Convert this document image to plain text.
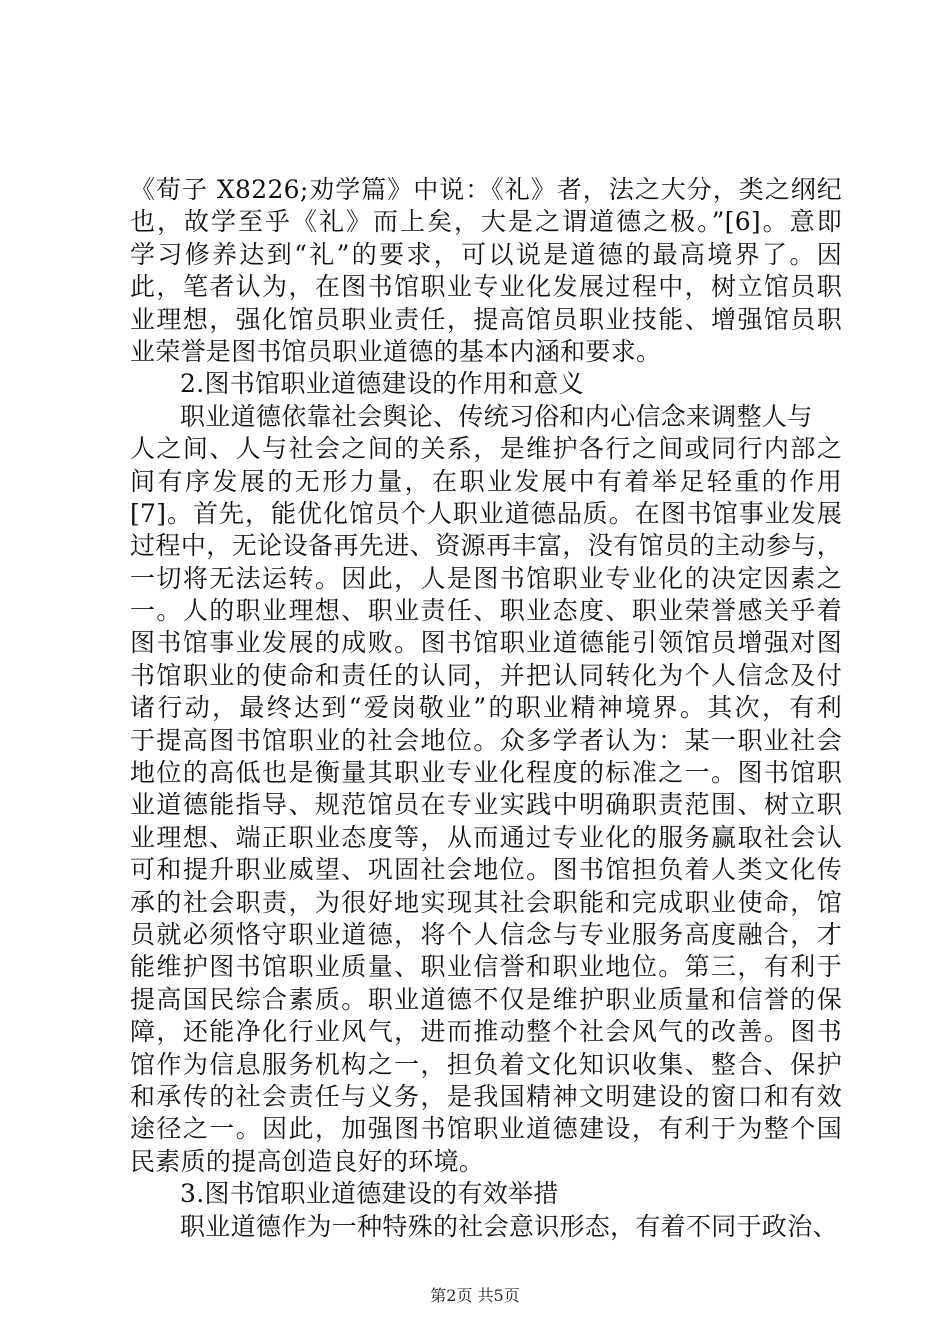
《荀子 X8226;劝学篇》中说：《礼》者，法之大分，类之纲纪
也，故学至乎《礼》而上矣，大是之谓道德之极。”[6]。意即
学习修养达到“礼”的要求，可以说是道德的最高境界了。因
此，笔者认为，在图书馆职业专业化发展过程中，树立馆员职
业理想，强化馆员职业责任，提高馆员职业技能、增强馆员职
业荣誉是图书馆员职业道德的基本内涵和要求。
2.图书馆职业道德建设的作用和意义
职业道德依靠社会舆论、传统习俗和内心信念来调整人与
人之间、人与社会之间的关系，是维护各行之间或同行内部之
间有序发展的无形力量，在职业发展中有着举足轻重的作用
[7]。首先，能优化馆员个人职业道德品质。在图书馆事业发展
过程中，无论设备再先进、资源再丰富，没有馆员的主动参与，
一切将无法运转。因此，人是图书馆职业专业化的决定因素之
一。人的职业理想、职业责任、职业态度、职业荣誉感关乎着
图书馆事业发展的成败。图书馆职业道德能引领馆员增强对图
书馆职业的使命和责任的认同，并把认同转化为个人信念及付
诸行动，最终达到“爱岗敬业”的职业精神境界。其次，有利
于提高图书馆职业的社会地位。众多学者认为：某一职业社会
地位的高低也是衡量其职业专业化程度的标准之一。图书馆职
业道德能指导、规范馆员在专业实践中明确职责范围、树立职
业理想、端正职业态度等，从而通过专业化的服务赢取社会认
可和提升职业威望、巩固社会地位。图书馆担负着人类文化传
承的社会职责，为很好地实现其社会职能和完成职业使命，馆
员就必须恪守职业道德，将个人信念与专业服务高度融合，才
能维护图书馆职业质量、职业信誉和职业地位。第三，有利于
提高国民综合素质。职业道德不仅是维护职业质量和信誉的保
障，还能净化行业风气，进而推动整个社会风气的改善。图书
馆作为信息服务机构之一，担负着文化知识收集、整合、保护
和承传的社会责任与义务，是我国精神文明建设的窗口和有效
途径之一。因此，加强图书馆职业道德建设，有利于为整个国
民素质的提高创造良好的环境。
3.图书馆职业道德建设的有效举措
职业道德作为一种特殊的社会意识形态，有着不同于政治、
第2页 共5页
